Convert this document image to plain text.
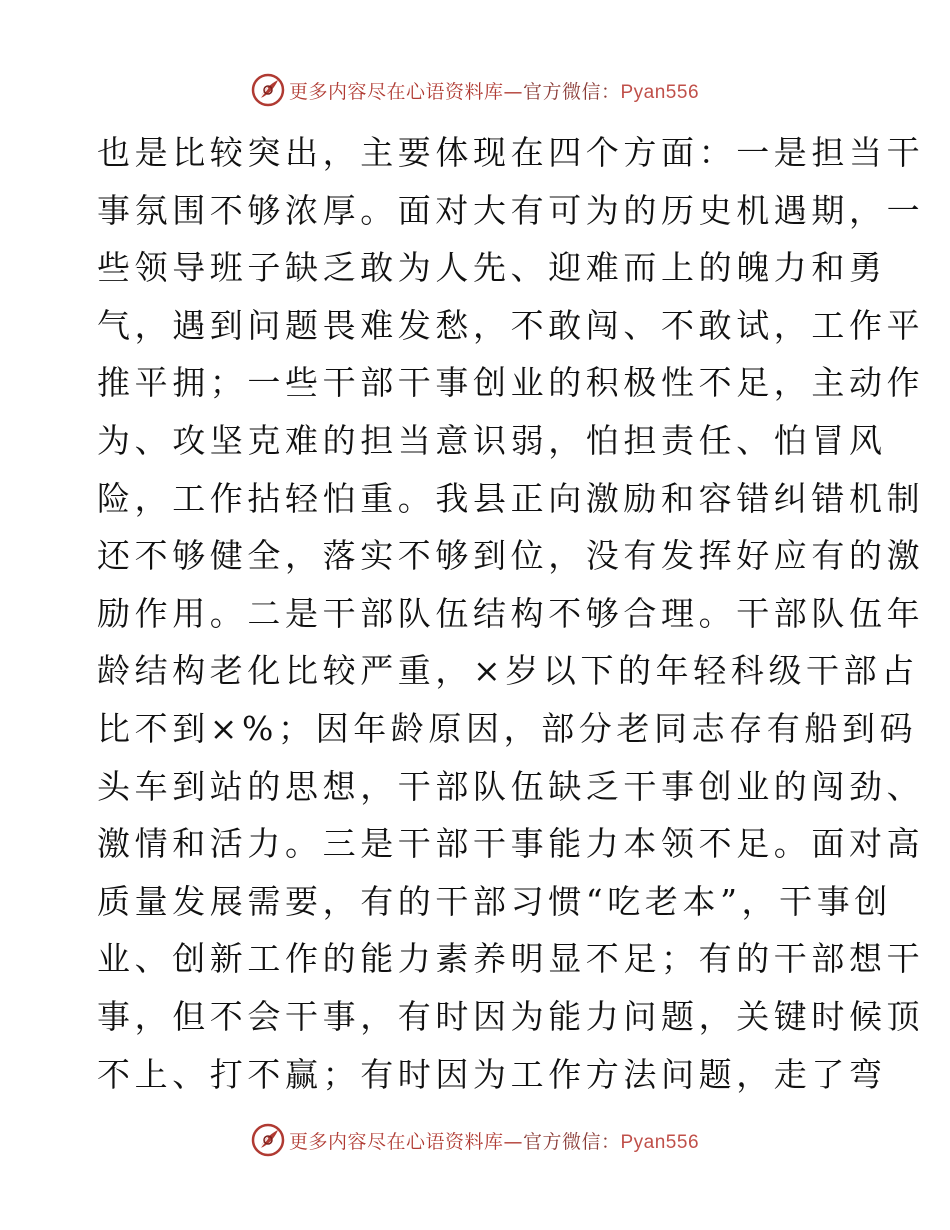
更多内容尽在心语资料库—官方微信：Pyan556
也是比较突出，主要体现在四个方面：一是担当干
事氛围不够浓厚。面对大有可为的历史机遇期，一
些领导班子缺乏敢为人先、迎难而上的魄力和勇
气，遇到问题畏难发愁，不敢闯、不敢试，工作平
推平拥；一些干部干事创业的积极性不足，主动作
为、攻坚克难的担当意识弱，怕担责任、怕冒风
险，工作拈轻怕重。我县正向激励和容错纠错机制
还不够健全，落实不够到位，没有发挥好应有的激
励作用。二是干部队伍结构不够合理。干部队伍年
龄结构老化比较严重，×岁以下的年轻科级干部占
比不到×%；因年龄原因，部分老同志存有船到码
头车到站的思想，干部队伍缺乏干事创业的闯劲、
激情和活力。三是干部干事能力本领不足。面对高
质量发展需要，有的干部习惯“吃老本”，干事创
业、创新工作的能力素养明显不足；有的干部想干
事，但不会干事，有时因为能力问题，关键时候顶
不上、打不赢；有时因为工作方法问题，走了弯
更多内容尽在心语资料库—官方微信：Pyan556
